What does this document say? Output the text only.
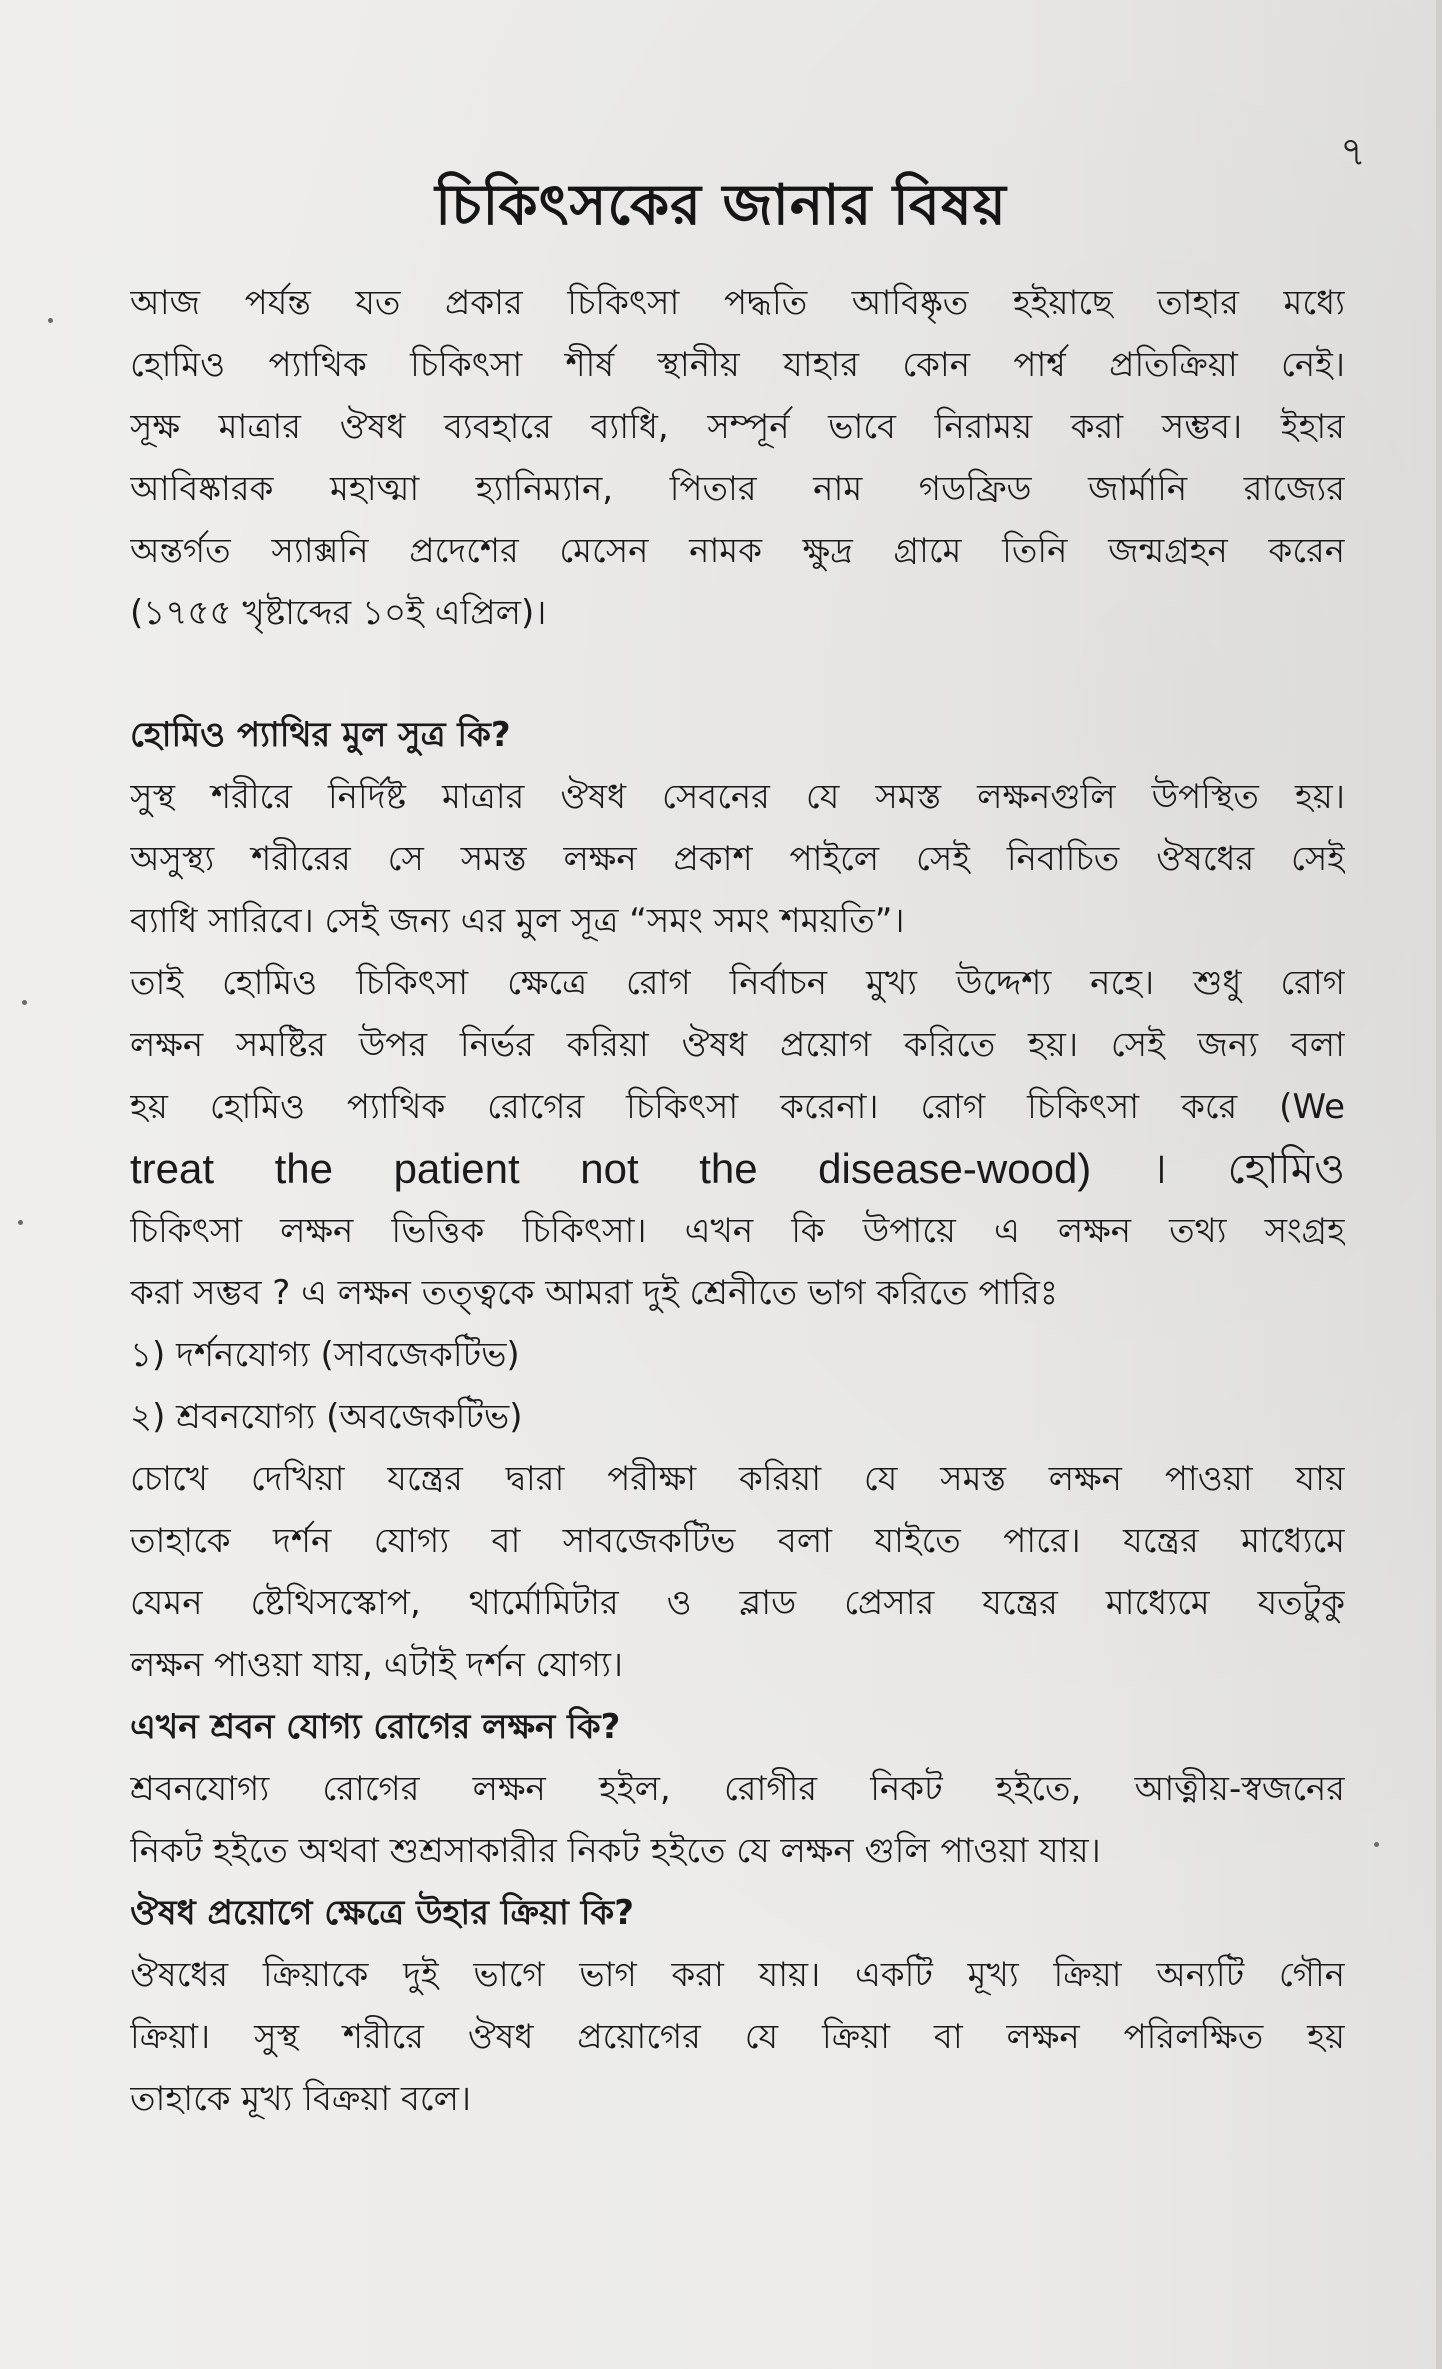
৭
চিকিৎসকের জানার বিষয়
আজ পর্যন্ত যত প্রকার চিকিৎসা পদ্ধতি আবিষ্কৃত হইয়াছে তাহার মধ্যে
হোমিও প্যাথিক চিকিৎসা শীর্ষ স্থানীয় যাহার কোন পার্শ্ব প্রতিক্রিয়া নেই।
সূক্ষ মাত্রার ঔষধ ব্যবহারে ব্যাধি, সম্পূর্ন ভাবে নিরাময় করা সম্ভব। ইহার
আবিষ্কারক মহাত্মা হ্যানিম্যান, পিতার নাম গডফ্রিড জার্মানি রাজ্যের
অন্তর্গত স্যাক্সনি প্রদেশের মেসেন নামক ক্ষুদ্র গ্রামে তিনি জন্মগ্রহন করেন
(১৭৫৫ খৃষ্টাব্দের ১০ই এপ্রিল)।
হোমিও প্যাথির মুল সুত্র কি?
সুস্থ শরীরে নির্দিষ্ট মাত্রার ঔষধ সেবনের যে সমস্ত লক্ষনগুলি উপস্থিত হয়।
অসুস্থ্য শরীরের সে সমস্ত লক্ষন প্রকাশ পাইলে সেই নিবাচিত ঔষধের সেই
ব্যাধি সারিবে। সেই জন্য এর মুল সূত্র “সমং সমং শময়তি”।
তাই হোমিও চিকিৎসা ক্ষেত্রে রোগ নির্বাচন মুখ্য উদ্দেশ্য নহে। শুধু রোগ
লক্ষন সমষ্টির উপর নির্ভর করিয়া ঔষধ প্রয়োগ করিতে হয়। সেই জন্য বলা
হয় হোমিও প্যাথিক রোগের চিকিৎসা করেনা। রোগ চিকিৎসা করে (We
treat the patient not the disease-wood) । হোমিও
চিকিৎসা লক্ষন ভিত্তিক চিকিৎসা। এখন কি উপায়ে এ লক্ষন তথ্য সংগ্রহ
করা সম্ভব ? এ লক্ষন তত্ত্বকে আমরা দুই শ্রেনীতে ভাগ করিতে পারিঃ
১) দর্শনযোগ্য (সাবজেকটিভ)
২) শ্রবনযোগ্য (অবজেকটিভ)
চোখে দেখিয়া যন্ত্রের দ্বারা পরীক্ষা করিয়া যে সমস্ত লক্ষন পাওয়া যায়
তাহাকে দর্শন যোগ্য বা সাবজেকটিভ বলা যাইতে পারে। যন্ত্রের মাধ্যেমে
যেমন ষ্টেথিসস্কোপ, থার্মোমিটার ও ব্লাড প্রেসার যন্ত্রের মাধ্যেমে যতটুকু
লক্ষন পাওয়া যায়, এটাই দর্শন যোগ্য।
এখন শ্রবন যোগ্য রোগের লক্ষন কি?
শ্রবনযোগ্য রোগের লক্ষন হইল, রোগীর নিকট হইতে, আত্নীয়-স্বজনের
নিকট হইতে অথবা শুশ্রসাকারীর নিকট হইতে যে লক্ষন গুলি পাওয়া যায়।
ঔষধ প্রয়োগে ক্ষেত্রে উহার ক্রিয়া কি?
ঔষধের ক্রিয়াকে দুই ভাগে ভাগ করা যায়। একটি মূখ্য ক্রিয়া অন্যটি গৌন
ক্রিয়া। সুস্থ শরীরে ঔষধ প্রয়োগের যে ক্রিয়া বা লক্ষন পরিলক্ষিত হয়
তাহাকে মূখ্য বিক্রয়া বলে।
